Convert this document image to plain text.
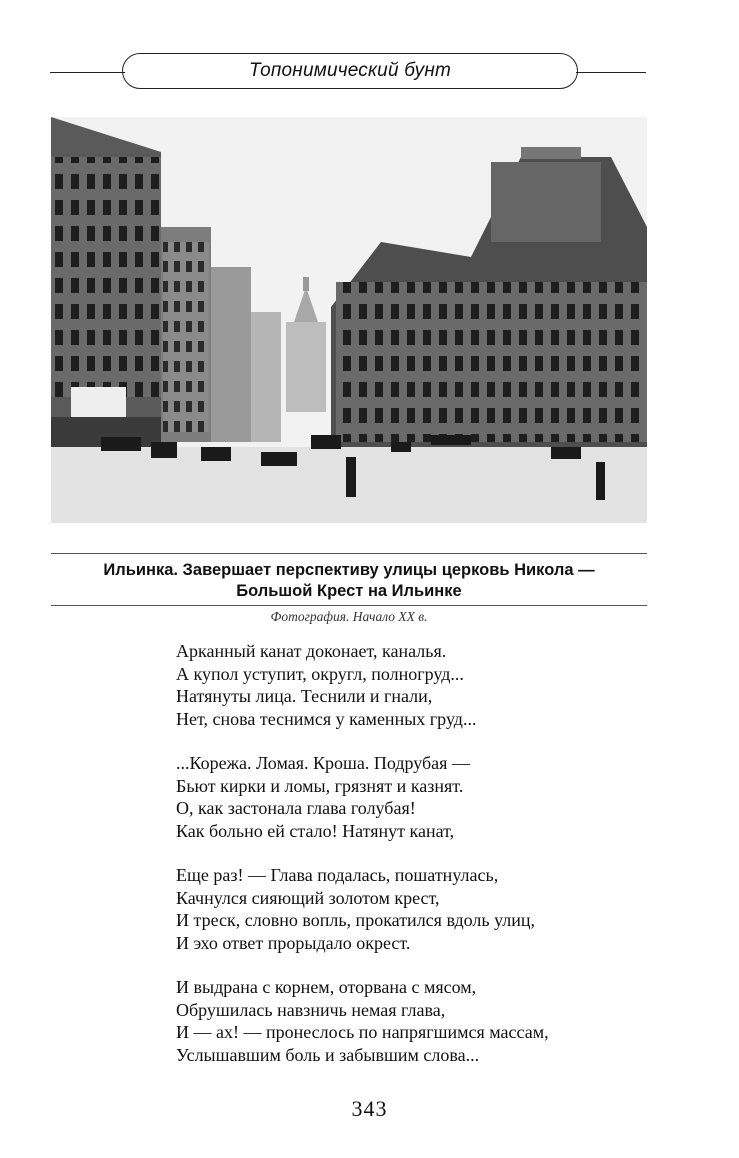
Топонимический бунт
Ильинка. Завершает перспективу улицы церковь Никола —
Большой Крест на Ильинке
Фотография. Начало XX в.
Арканный канат доконает, каналья.
А купол уступит, округл, полногруд...
Натянуты лица. Теснили и гнали,
Нет, снова теснимся у каменных груд...
...Корежа. Ломая. Кроша. Подрубая —
Бьют кирки и ломы, грязнят и казнят.
О, как застонала глава голубая!
Как больно ей стало! Натянут канат,
Еще раз! — Глава подалась, пошатнулась,
Качнулся сияющий золотом крест,
И треск, словно вопль, прокатился вдоль улиц,
И эхо ответ прорыдало окрест.
И выдрана с корнем, оторвана с мясом,
Обрушилась навзничь немая глава,
И — ах! — пронеслось по напрягшимся массам,
Услышавшим боль и забывшим слова...
343
